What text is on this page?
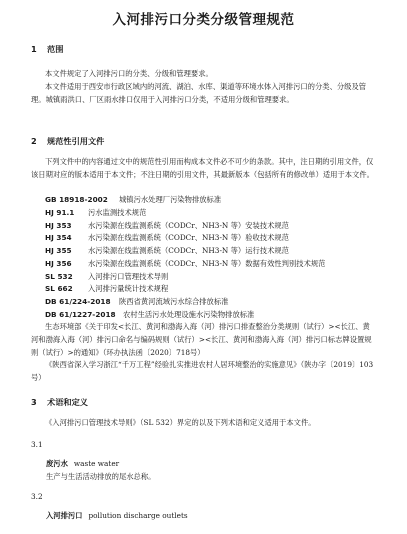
入河排污口分类分级管理规范
1 范围
本文件规定了入河排污口的分类、分级和管理要求。
本文件适用于西安市行政区域内的河流、湖泊、水库、渠道等环境水体入河排污口的分类、分级及管理。城镇雨洪口、厂区雨水排口仅用于入河排污口分类，不适用分级和管理要求。
2 规范性引用文件
下列文件中的内容通过文中的规范性引用而构成本文件必不可少的条款。其中，注日期的引用文件，仅该日期对应的版本适用于本文件；不注日期的引用文件，其最新版本（包括所有的修改单）适用于本文件。
GB 18918-2002 城镇污水处理厂污染物排放标准
HJ 91.1 污水监测技术规范
HJ 353 水污染源在线监测系统（CODCr、NH3-N 等）安装技术规范
HJ 354 水污染源在线监测系统（CODCr、NH3-N 等）验收技术规范
HJ 355 水污染源在线监测系统（CODCr、NH3-N 等）运行技术规范
HJ 356 水污染源在线监测系统（CODCr、NH3-N 等）数据有效性判别技术规范
SL 532 入河排污口管理技术导则
SL 662 入河排污量统计技术规程
DB 61/224-2018 陕西省黄河流域污水综合排放标准
DB 61/1227-2018 农村生活污水处理设施水污染物排放标准
生态环境部《关于印发<长江、黄河和渤海入海（河）排污口排查整治分类规则（试行）><长江、黄河和渤海入海（河）排污口命名与编码规则（试行）><长江、黄河和渤海入海（河）排污口标志牌设置规则（试行）>的通知》（环办执法函〔2020〕718号）
《陕西省深入学习浙江“千万工程”经验扎实推进农村人居环境整治的实施意见》（陕办字〔2019〕103号）
3 术语和定义
《入河排污口管理技术导则》（SL 532）界定的以及下列术语和定义适用于本文件。
3.1
废污水 waste water
生产与生活活动排放的尾水总称。
3.2
入河排污口 pollution discharge outlets
